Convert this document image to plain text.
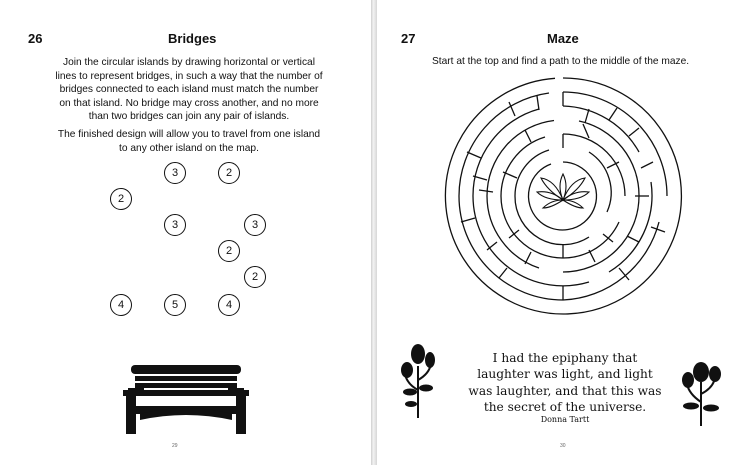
26	Bridges

Join the circular islands by drawing horizontal or vertical lines to represent bridges, in such a way that the number of bridges connected to each island must match the number on that island. No bridge may cross another, and no more than two bridges can join any pair of islands.

The finished design will allow you to travel from one island to any other island on the map.

3	2
2
3	3
2
2
4	5	4
29
27	Maze
Start at the top and find a path to the middle of the maze.
I had the epiphany that
laughter was light, and light
was laughter, and that this was
the secret of the universe.
Donna Tartt
30
